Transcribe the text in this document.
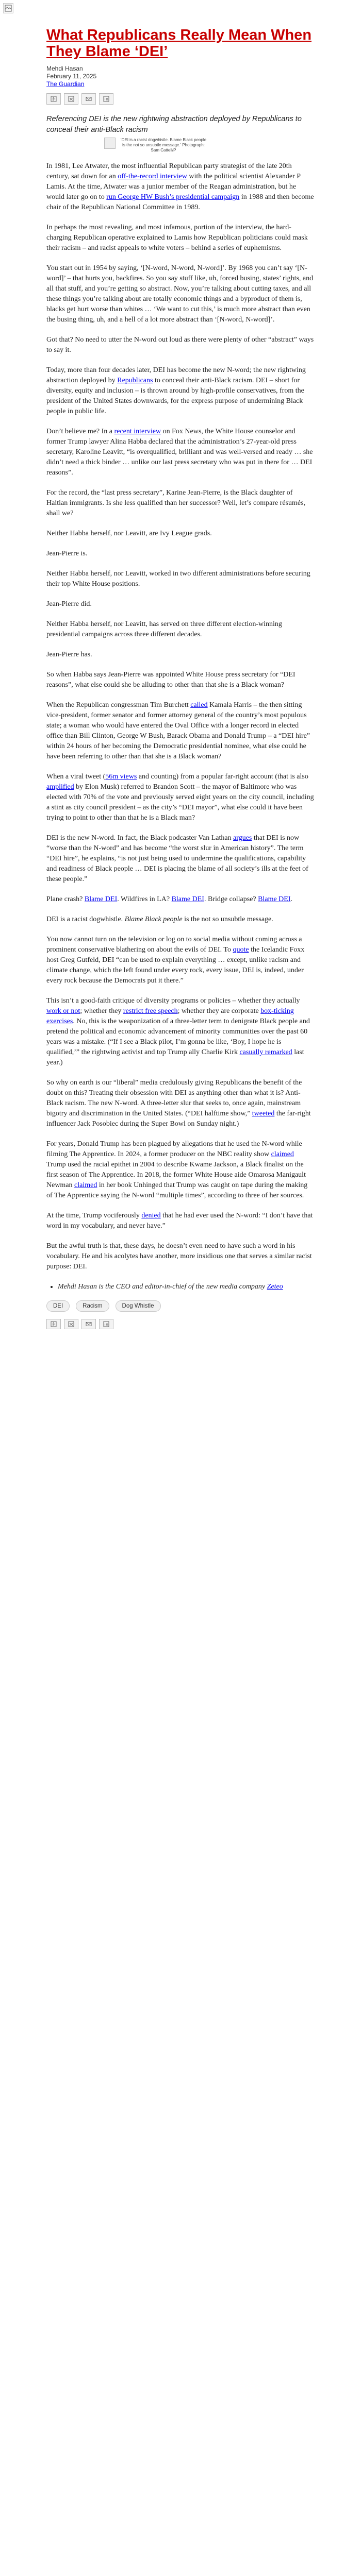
What Republicans Really Mean When They Blame ‘DEI’
Mehdi Hasan
February 11, 2025
The Guardian
Referencing DEI is the new rightwing abstraction deployed by Republicans to conceal their anti-Black racism
‘DEI is a racist dogwhistle. Blame Black people is the not so unsubtle message.’ Photograph: Sam Cattell/P

In 1981, Lee Atwater, the most influential Republican party strategist of the late 20th century, sat down for an off-the-record interview with the political scientist Alexander P Lamis. At the time, Atwater was a junior member of the Reagan administration, but he would later go on to run George HW Bush’s presidential campaign in 1988 and then become chair of the Republican National Committee in 1989.

In perhaps the most revealing, and most infamous, portion of the interview, the hard-charging Republican operative explained to Lamis how Republican politicians could mask their racism – and racist appeals to white voters – behind a series of euphemisms.

You start out in 1954 by saying, ‘[N-word, N-word, N-word]’. By 1968 you can’t say ‘[N-word]’ – that hurts you, backfires. So you say stuff like, uh, forced busing, states’ rights, and all that stuff, and you’re getting so abstract. Now, you’re talking about cutting taxes, and all these things you’re talking about are totally economic things and a byproduct of them is, blacks get hurt worse than whites … ‘We want to cut this,’ is much more abstract than even the busing thing, uh, and a hell of a lot more abstract than ‘[N-word, N-word]’.

Got that? No need to utter the N-word out loud as there were plenty of other “abstract” ways to say it.

Today, more than four decades later, DEI has become the new N-word; the new rightwing abstraction deployed by Republicans to conceal their anti-Black racism. DEI – short for diversity, equity and inclusion – is thrown around by high-profile conservatives, from the president of the United States downwards, for the express purpose of undermining Black people in public life.

Don’t believe me? In a recent interview on Fox News, the White House counselor and former Trump lawyer Alina Habba declared that the administration’s 27-year-old press secretary, Karoline Leavitt, “is overqualified, brilliant and was well-versed and ready … she didn’t need a thick binder … unlike our last press secretary who was put in there for … DEI reasons”.

For the record, the “last press secretary”, Karine Jean-Pierre, is the Black daughter of Haitian immigrants. Is she less qualified than her successor? Well, let’s compare résumés, shall we?

Neither Habba herself, nor Leavitt, are Ivy League grads.

Jean-Pierre is.

Neither Habba herself, nor Leavitt, worked in two different administrations before securing their top White House positions.

Jean-Pierre did.

Neither Habba herself, nor Leavitt, has served on three different election-winning presidential campaigns across three different decades.

Jean-Pierre has.

So when Habba says Jean-Pierre was appointed White House press secretary for “DEI reasons”, what else could she be alluding to other than that she is a Black woman?

When the Republican congressman Tim Burchett called Kamala Harris – the then sitting vice-president, former senator and former attorney general of the country’s most populous state; a woman who would have entered the Oval Office with a longer record in elected office than Bill Clinton, George W Bush, Barack Obama and Donald Trump – a “DEI hire” within 24 hours of her becoming the Democratic presidential nominee, what else could he have been referring to other than that she is a Black woman?

When a viral tweet (56m views and counting) from a popular far-right account (that is also amplified by Elon Musk) referred to Brandon Scott – the mayor of Baltimore who was elected with 70% of the vote and previously served eight years on the city council, including a stint as city council president – as the city’s “DEI mayor”, what else could it have been trying to point to other than that he is a Black man?

DEI is the new N-word. In fact, the Black podcaster Van Lathan argues that DEI is now “worse than the N-word” and has become “the worst slur in American history”. The term “DEI hire”, he explains, “is not just being used to undermine the qualifications, capability and readiness of Black people … DEI is placing the blame of all society’s ills at the feet of these people.”

Plane crash? Blame DEI. Wildfires in LA? Blame DEI. Bridge collapse? Blame DEI.

DEI is a racist dogwhistle. Blame Black people is the not so unsubtle message.

You now cannot turn on the television or log on to social media without coming across a prominent conservative blathering on about the evils of DEI. To quote the Icelandic Foxx host Greg Gutfeld, DEI “can be used to explain everything … except, unlike racism and climate change, which the left found under every rock, every issue, DEI is, indeed, under every rock because the Democrats put it there.”

This isn’t a good-faith critique of diversity programs or policies – whether they actually work or not; whether they restrict free speech; whether they are corporate box-ticking exercises. No, this is the weaponization of a three-letter term to denigrate Black people and pretend the political and economic advancement of minority communities over the past 60 years was a mistake. (“If I see a Black pilot, I’m gonna be like, ‘Boy, I hope he is qualified,’” the rightwing activist and top Trump ally Charlie Kirk casually remarked last year.)

So why on earth is our “liberal” media credulously giving Republicans the benefit of the doubt on this? Treating their obsession with DEI as anything other than what it is? Anti-Black racism. The new N-word. A three-letter slur that seeks to, once again, mainstream bigotry and discrimination in the United States. (“DEI halftime show,” tweeted the far-right influencer Jack Posobiec during the Super Bowl on Sunday night.)

For years, Donald Trump has been plagued by allegations that he used the N-word while filming The Apprentice. In 2024, a former producer on the NBC reality show claimed Trump used the racial epithet in 2004 to describe Kwame Jackson, a Black finalist on the first season of The Apprentice. In 2018, the former White House aide Omarosa Manigault Newman claimed in her book Unhinged that Trump was caught on tape during the making of The Apprentice saying the N-word “multiple times”, according to three of her sources.

At the time, Trump vociferously denied that he had ever used the N-word: “I don’t have that word in my vocabulary, and never have.”

But the awful truth is that, these days, he doesn’t even need to have such a word in his vocabulary. He and his acolytes have another, more insidious one that serves a similar racist purpose: DEI.

• Mehdi Hasan is the CEO and editor-in-chief of the new media company Zeteo
DEI	Racism	Dog Whistle
